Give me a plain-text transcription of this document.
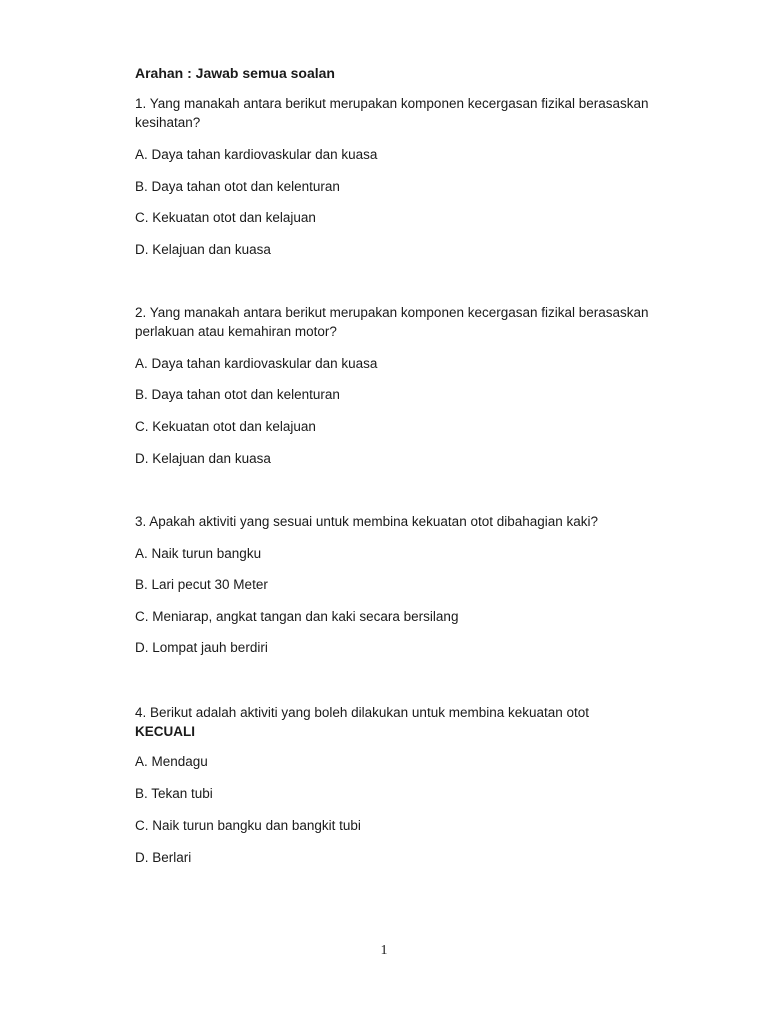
Arahan : Jawab semua soalan

1. Yang manakah antara berikut merupakan komponen kecergasan fizikal berasaskan kesihatan?

A. Daya tahan kardiovaskular dan kuasa

B. Daya tahan otot dan kelenturan

C. Kekuatan otot dan kelajuan

D. Kelajuan dan kuasa

2. Yang manakah antara berikut merupakan komponen kecergasan fizikal berasaskan perlakuan atau kemahiran motor?

A. Daya tahan kardiovaskular dan kuasa

B. Daya tahan otot dan kelenturan

C. Kekuatan otot dan kelajuan

D. Kelajuan dan kuasa

3. Apakah aktiviti yang sesuai untuk membina kekuatan otot dibahagian kaki?

A. Naik turun bangku

B. Lari pecut 30 Meter

C. Meniarap, angkat tangan dan kaki secara bersilang

D. Lompat jauh berdiri

4. Berikut adalah aktiviti yang boleh dilakukan untuk membina kekuatan otot
KECUALI

A. Mendagu

B. Tekan tubi

C. Naik turun bangku dan bangkit tubi

D. Berlari

1
